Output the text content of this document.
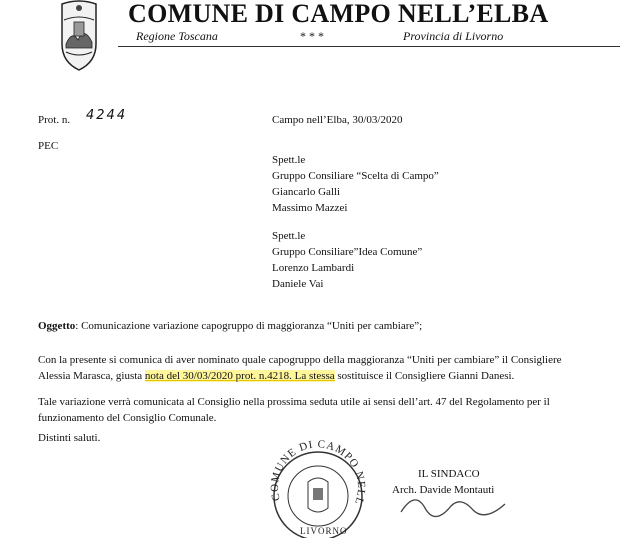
COMUNE DI CAMPO NELL’ELBA
Regione Toscana	* * *	Provincia di Livorno
Prot. n. 4244	Campo nell’Elba, 30/03/2020
PEC
Spett.le
Gruppo Consiliare “Scelta di Campo”
Giancarlo Galli
Massimo Mazzei
Spett.le
Gruppo Consiliare”Idea Comune”
Lorenzo Lambardi
Daniele Vai
Oggetto: Comunicazione variazione capogruppo di maggioranza “Uniti per cambiare”;
Con la presente si comunica di aver nominato quale capogruppo della maggioranza “Uniti per cambiare” il Consigliere
Alessia Marasca, giusta nota del 30/03/2020 prot. n.4218. La stessa sostituisce il Consigliere Gianni Danesi.
Tale variazione verrà comunicata al Consiglio nella prossima seduta utile ai sensi dell’art. 47 del Regolamento per il
funzionamento del Consiglio Comunale.
Distinti saluti.
COMUNE DI CAMPO NELL
LIVORNO
IL SINDACO
Arch. Davide Montauti
